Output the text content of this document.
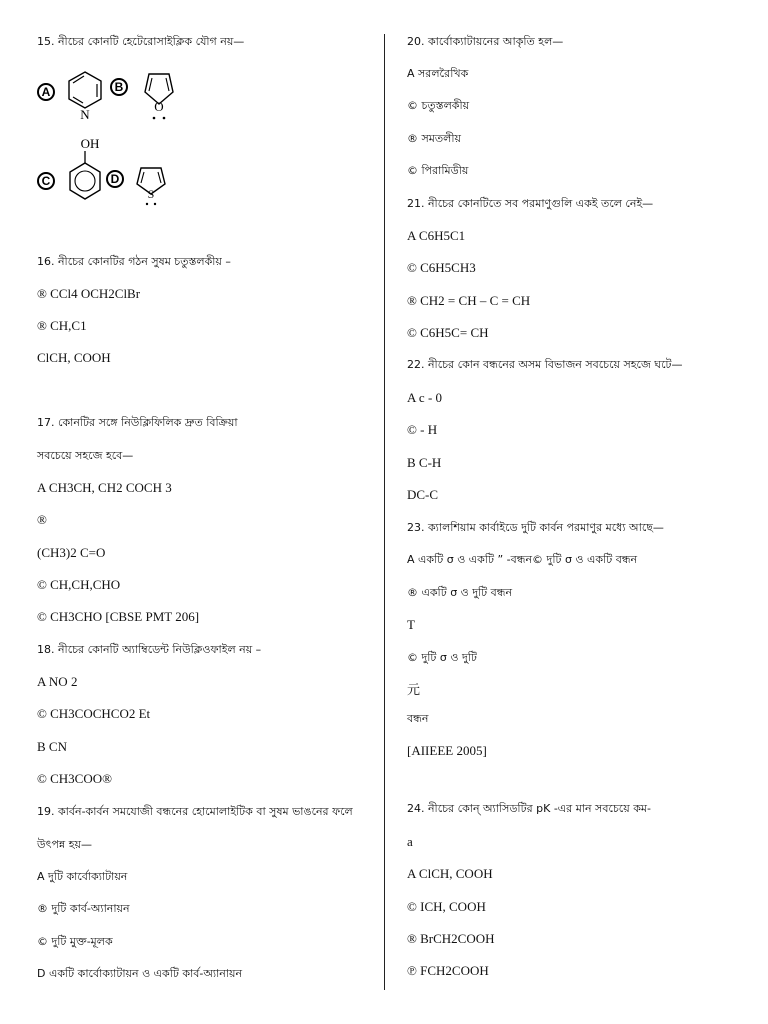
15. নীচের কোনটি হেটেরোসাইক্লিক যৌগ নয়—
A
N
B
O
OH
C	D
S
16. নীচের কোনটির গঠন সুষম চতুস্তলকীয় –
® CCl4 OCH2ClBr
® CH,C1
ClCH, COOH
17. কোনটির সঙ্গে নিউক্লিফিলিক দ্রুত বিক্রিয়া
সবচেয়ে সহজে হবে—
A CH3CH, CH2 COCH 3
®
(CH3)2 C=O
© CH,CH,CHO
© CH3CHO [CBSE PMT 206]
18. নীচের কোনটি অ্যাম্বিডেন্ট নিউক্লিওফাইল নয় –
A NO 2
© CH3COCHCO2 Et
B CN
© CH3COO®
19. কার্বন-কার্বন সমযোজী বন্ধনের হোমোলাইটিক বা সুষম ভাঙনের ফলে
উৎপন্ন হয়—
A দুটি কার্বোক্যাটায়ন
® দুটি কার্ব-অ্যানায়ন
© দুটি মুক্ত-মূলক
D একটি কার্বোক্যাটায়ন ও একটি কার্ব-অ্যানায়ন
20. কার্বোক্যাটায়নের আকৃতি হল—
A সরলরৈখিক
© চতুস্তলকীয়
® সমতলীয়
© পিরামিডীয়
21. নীচের কোনটিতে সব পরমাণুগুলি একই তলে নেই—
A C6H5C1
© C6H5CH3
® CH2 = CH – C = CH
© C6H5C= CH
22. নীচের কোন বন্ধনের অসম বিভাজন সবচেয়ে সহজে ঘটে—
A c - 0
© - H
B C-H
DC-C
23. ক্যালশিয়াম কার্বাইডে দুটি কার্বন পরমাণুর মধ্যে আছে—
A একটি σ ও একটি ” -বন্ধন© দুটি σ ও একটি বন্ধন
® একটি σ ও দুটি বন্ধন
T
© দুটি σ ও দুটি
元
বন্ধন
[AIIEEE 2005]
24. নীচের কোন্ অ্যাসিডটির pK -এর মান সবচেয়ে কম-
a
A ClCH, COOH
© ICH, COOH
® BrCH2COOH
℗ FCH2COOH
